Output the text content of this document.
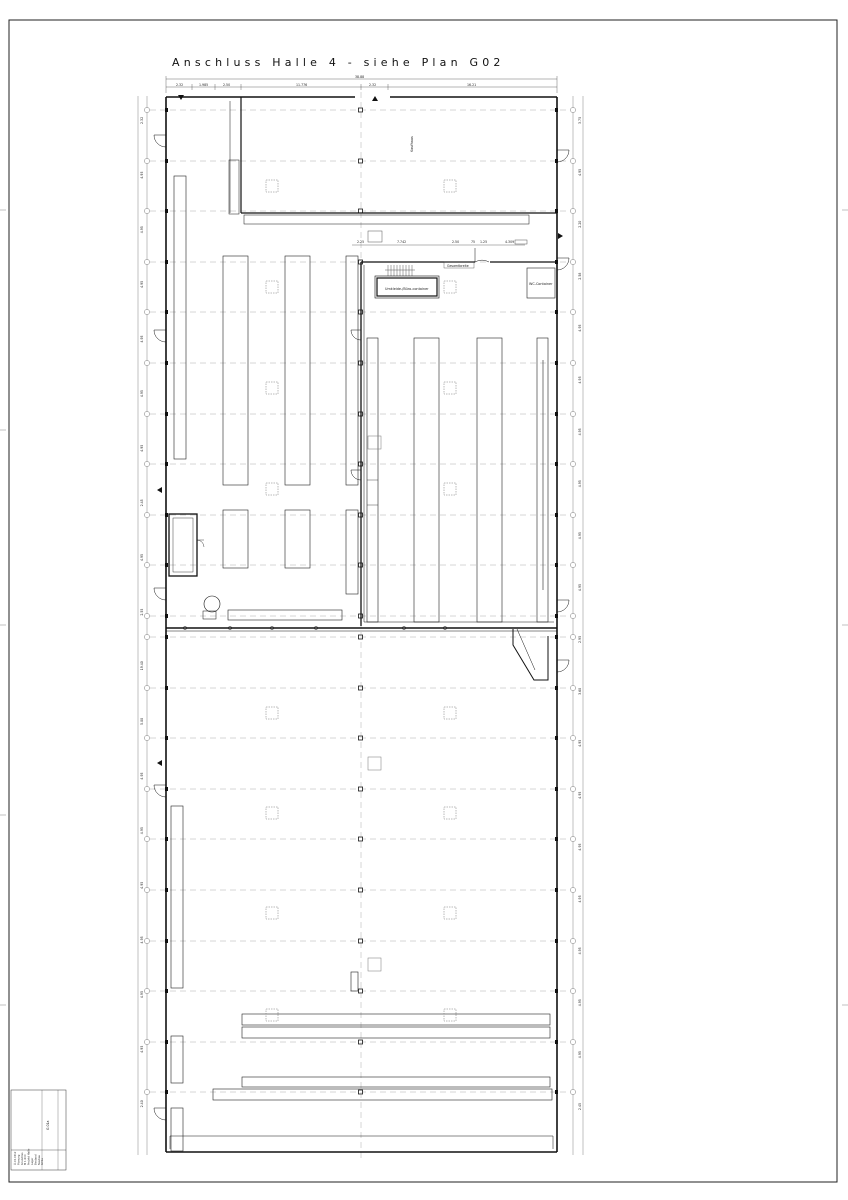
Anschluss Halle 4 - siehe Plan G02
38.88
2.32	1.985	2.50	11.776	2.32	16.21
2.32
4.95
4.95
4.95
4.95
4.95
4.95
2.45
4.95
2.55
19.40
5.00
4.95
4.95
4.95
4.95
4.95
4.95
2.40
3.75
4.95
2.20
2.58
4.95
4.95
4.95
4.95
4.95
4.95
2.95
3.60
4.95
4.95
4.95
4.95
4.95
4.95
4.95
2.45
Kaufhaus
2.25	7.742	2.50	75 1.25	4.309
Gesamtbreite
Umkleide-/Büro-container
WC-Container
Ü.03.0312 Planung Grundriss M 1:200 Projekt Halle Lager Bestand Neubau G01a
G 01a
